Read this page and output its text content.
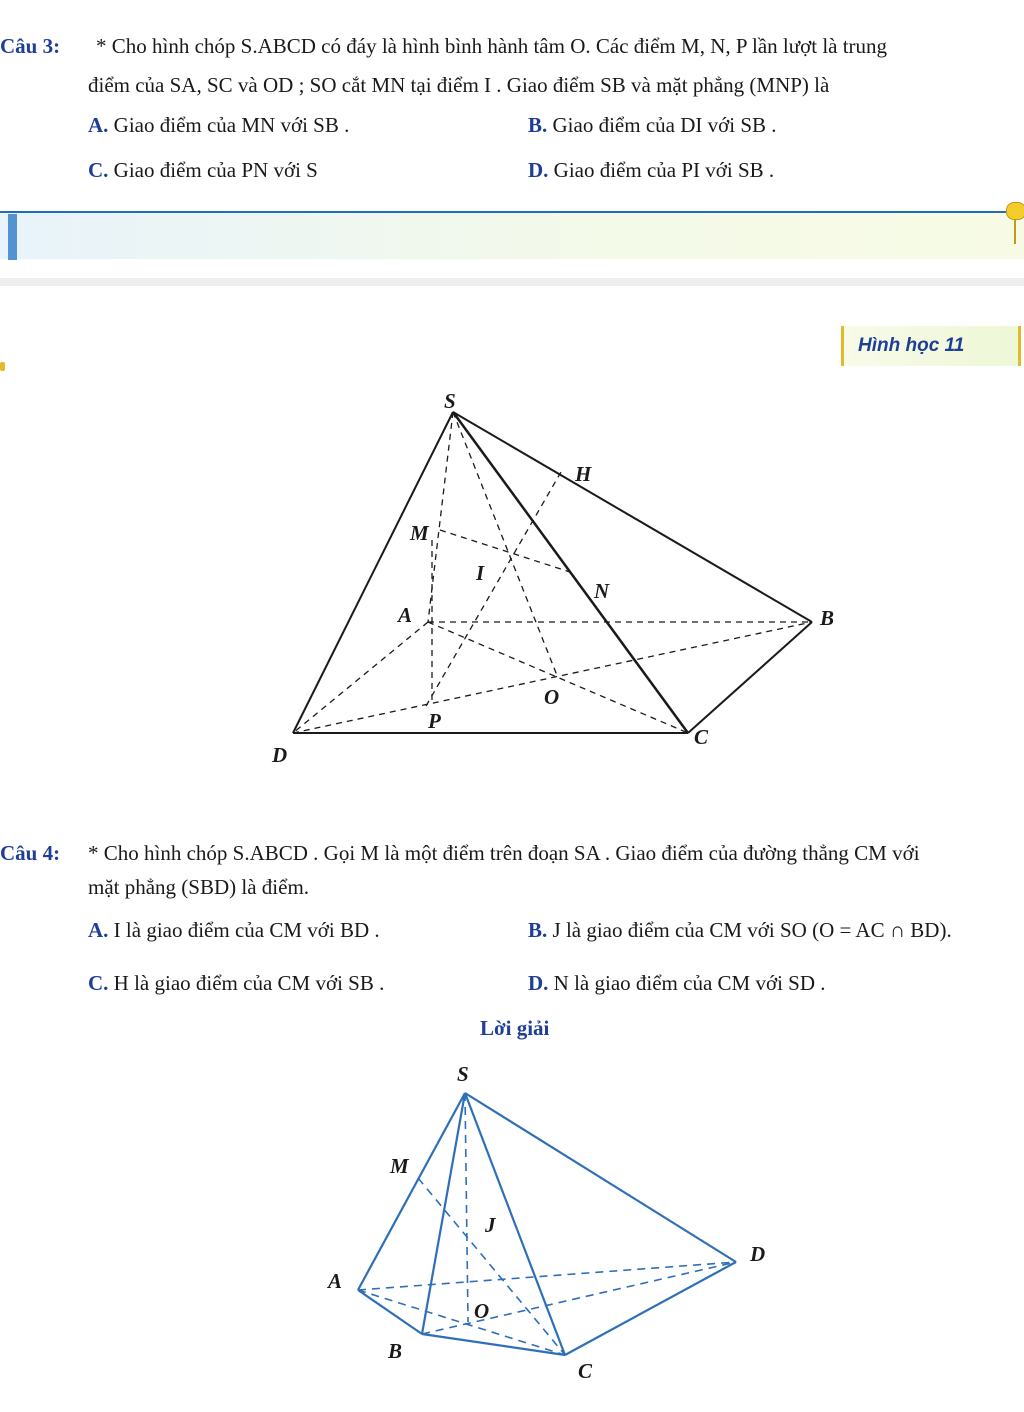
Câu 3: * Cho hình chóp S.ABCD có đáy là hình bình hành tâm O. Các điểm M, N, P lần lượt là trung
điểm của SA, SC và OD ; SO cắt MN tại điểm I . Giao điểm SB và mặt phẳng (MNP) là
A. Giao điểm của MN với SB .	B. Giao điểm của DI với SB .
C. Giao điểm của PN với S	D. Giao điểm của PI với SB .
Hình học 11
S
H
M
I
N
A	B
O
P
C
D
Câu 4: * Cho hình chóp S.ABCD . Gọi M là một điểm trên đoạn SA . Giao điểm của đường thẳng CM với
mặt phẳng (SBD) là điểm.
A. I là giao điểm của CM với BD .	B. J là giao điểm của CM với SO (O = AC ∩ BD).
C. H là giao điểm của CM với SB .	D. N là giao điểm của CM với SD .
Lời giải
S
M
J
D
A
O
B
C
